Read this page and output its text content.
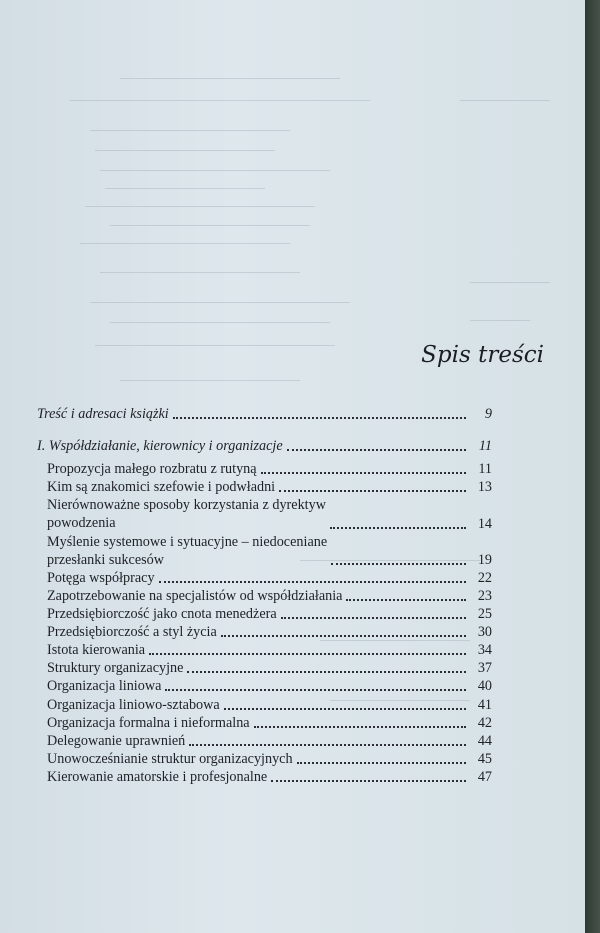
Spis treści
Treść i adresaci książki	9
I. Współdziałanie, kierownicy i organizacje	11
Propozycja małego rozbratu z rutyną	11
Kim są znakomici szefowie i podwładni	13
Nierównoważne sposoby korzystania z dyrektyw
powodzenia	14
Myślenie systemowe i sytuacyjne – niedoceniane
przesłanki sukcesów	19
Potęga współpracy	22
Zapotrzebowanie na specjalistów od współdziałania	23
Przedsiębiorczość jako cnota menedżera	25
Przedsiębiorczość a styl życia	30
Istota kierowania	34
Struktury organizacyjne	37
Organizacja liniowa	40
Organizacja liniowo-sztabowa	41
Organizacja formalna i nieformalna	42
Delegowanie uprawnień	44
Unowocześnianie struktur organizacyjnych	45
Kierowanie amatorskie i profesjonalne	47
